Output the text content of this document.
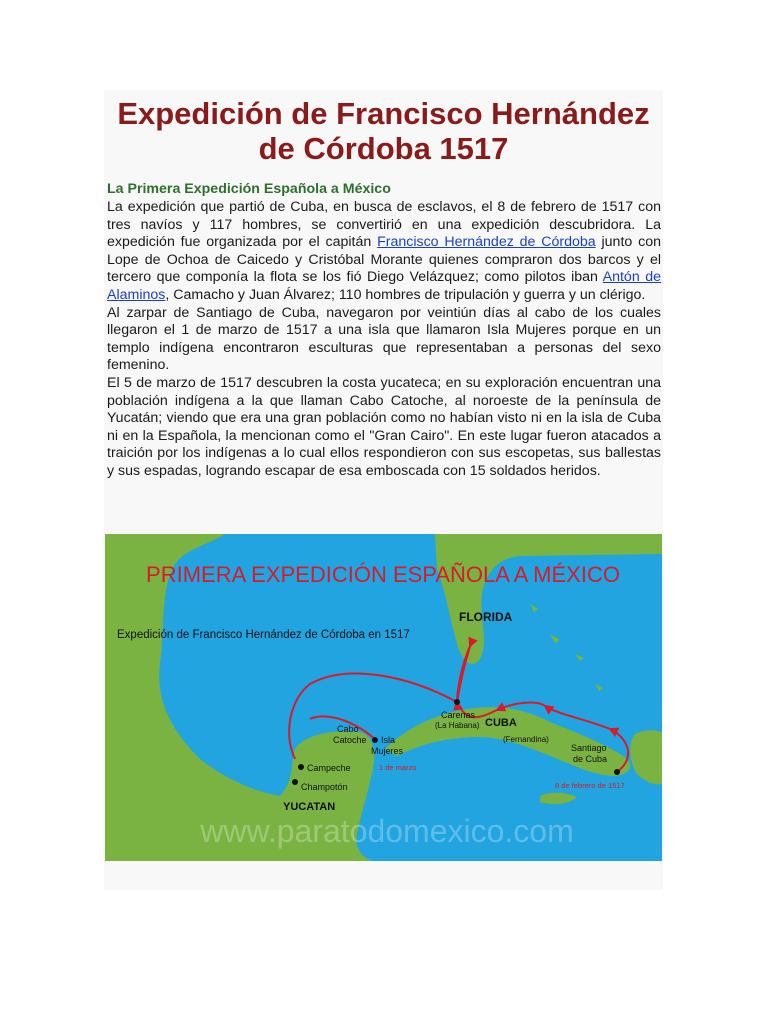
Expedición de Francisco Hernández
de Córdoba 1517
La Primera Expedición Española a México

La expedición que partió de Cuba, en busca de esclavos, el 8 de febrero de 1517 con tres navíos y 117 hombres, se convertirió en una expedición descubridora. La expedición fue organizada por el capitán Francisco Hernández de Córdoba junto con Lope de Ochoa de Caicedo y Cristóbal Morante quienes compraron dos barcos y el tercero que componía la flota se los fió Diego Velázquez; como pilotos iban Antón de Alaminos, Camacho y Juan Álvarez; 110 hombres de tripulación y guerra y un clérigo.

Al zarpar de Santiago de Cuba, navegaron por veintiún días al cabo de los cuales llegaron el 1 de marzo de 1517 a una isla que llamaron Isla Mujeres porque en un templo indígena encontraron esculturas que representaban a personas del sexo femenino.

El 5 de marzo de 1517 descubren la costa yucateca; en su exploración encuentran una población indígena a la que llaman Cabo Catoche, al noroeste de la península de Yucatán; viendo que era una gran población como no habían visto ni en la isla de Cuba ni en la Española, la mencionan como el "Gran Cairo". En este lugar fueron atacados a traición por los indígenas a lo cual ellos respondieron con sus escopetas, sus ballestas y sus espadas, logrando escapar de esa emboscada con 15 soldados heridos.

PRIMERA EXPEDICIÓN ESPAÑOLA A MÉXICO
Expedición de Francisco Hernández de Córdoba en 1517
FLORIDA
Carenas
(La Habana) CUBA
(Fernandina)
Santiago
de Cuba
8 de febrero de 1517
Cabo
Catoche Isla
Mujeres
1 de marzo
Campeche
Champotón
YUCATAN
www.paratodomexico.com
